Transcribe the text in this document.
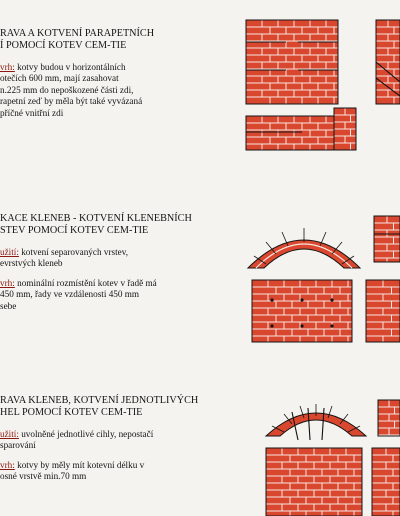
RAVA A KOTVENÍ PARAPETNÍCH
Í POMOCÍ KOTEV CEM-TIE

vrh: kotvy budou v horizontálních
otečích 600 mm, mají zasahovat
n.225 mm do nepoškozené části zdi,
rapetní zeď by měla být také vyvázaná
příčné vnitřní zdi

KACE KLENEB - KOTVENÍ KLENEBNÍCH
STEV POMOCÍ KOTEV CEM-TIE

užití: kotvení separovaných vrstev,
evrstvých kleneb

vrh: nominální rozmístění kotev v řadě má
450 mm, řady ve vzdálenosti 450 mm
sebe

RAVA KLENEB, KOTVENÍ JEDNOTLIVÝCH
HEL POMOCÍ KOTEV CEM-TIE

užití: uvolněné jednotlivé cihly, nepostačí
sparování

vrh: kotvy by měly mít kotevní délku v
osné vrstvě min.70 mm
